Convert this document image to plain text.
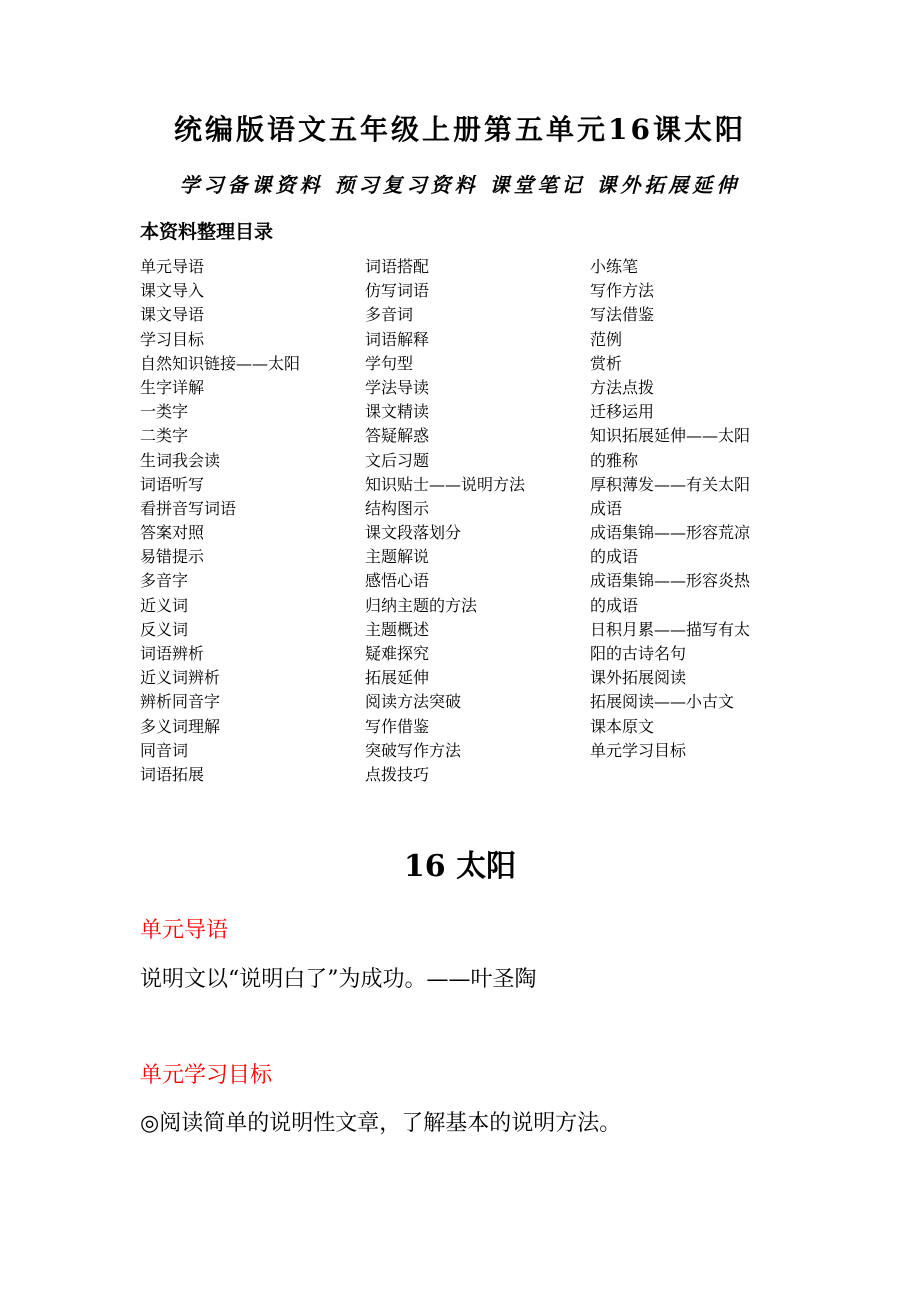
统编版语文五年级上册第五单元16课太阳
学习备课资料 预习复习资料 课堂笔记 课外拓展延伸
本资料整理目录
单元导语
课文导入
课文导语
学习目标
自然知识链接——太阳
生字详解
一类字
二类字
生词我会读
词语听写
看拼音写词语
答案对照
易错提示
多音字
近义词
反义词
词语辨析
近义词辨析
辨析同音字
多义词理解
同音词
词语拓展
词语搭配
仿写词语
多音词
词语解释
学句型
学法导读
课文精读
答疑解惑
文后习题
知识贴士——说明方法
结构图示
课文段落划分
主题解说
感悟心语
归纳主题的方法
主题概述
疑难探究
拓展延伸
阅读方法突破
写作借鉴
突破写作方法
点拨技巧
小练笔
写作方法
写法借鉴
范例
赏析
方法点拨
迁移运用
知识拓展延伸——太阳
的雅称
厚积薄发——有关太阳
成语
成语集锦——形容荒凉
的成语
成语集锦——形容炎热
的成语
日积月累——描写有太
阳的古诗名句
课外拓展阅读
拓展阅读——小古文
课本原文
单元学习目标
16 太阳
单元导语
说明文以“说明白了”为成功。——叶圣陶
单元学习目标
◎阅读简单的说明性文章，了解基本的说明方法。
